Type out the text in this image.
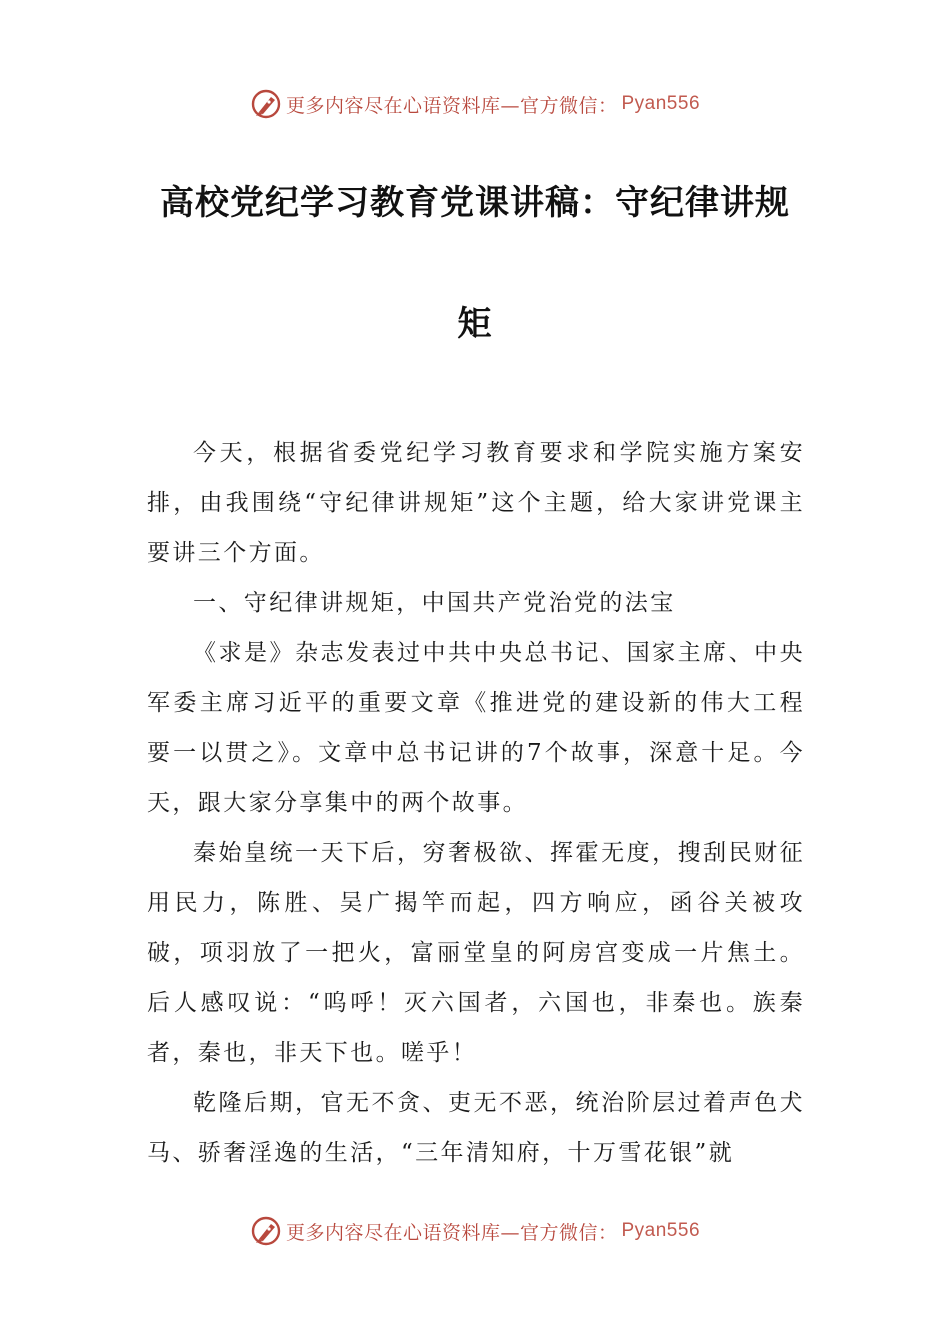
更多内容尽在心语资料库—官方微信： Pyan556
高校党纪学习教育党课讲稿：守纪律讲规
矩

今天，根据省委党纪学习教育要求和学院实施方案安排，由我围绕“守纪律讲规矩”这个主题，给大家讲党课主要讲三个方面。

一、守纪律讲规矩，中国共产党治党的法宝

《求是》杂志发表过中共中央总书记、国家主席、中央军委主席习近平的重要文章《推进党的建设新的伟大工程要一以贯之》。文章中总书记讲的7个故事，深意十足。今天，跟大家分享集中的两个故事。

秦始皇统一天下后，穷奢极欲、挥霍无度，搜刮民财征用民力，陈胜、吴广揭竿而起，四方响应，函谷关被攻破，项羽放了一把火，富丽堂皇的阿房宫变成一片焦土。后人感叹说：“呜呼！灭六国者，六国也，非秦也。族秦者，秦也，非天下也。嗟乎！

乾隆后期，官无不贪、吏无不恶，统治阶层过着声色犬马、骄奢淫逸的生活，“三年清知府，十万雪花银”就

更多内容尽在心语资料库—官方微信： Pyan556
